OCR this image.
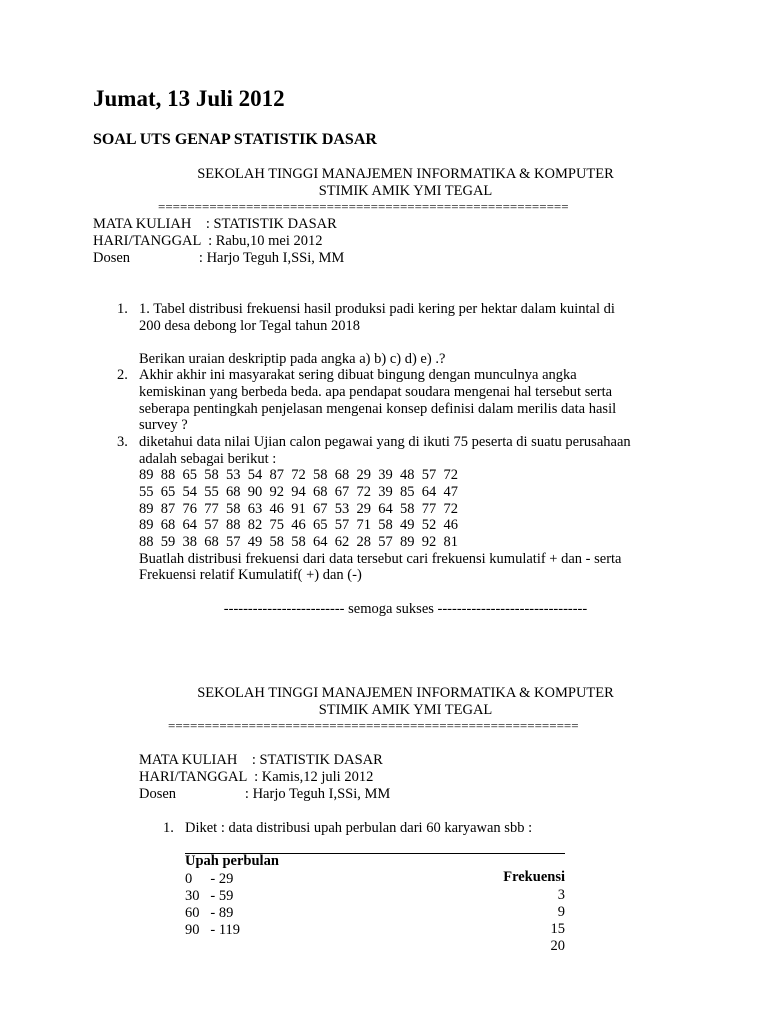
Jumat, 13 Juli 2012
SOAL UTS GENAP STATISTIK DASAR
SEKOLAH TINGGI MANAJEMEN INFORMATIKA & KOMPUTER
STIMIK AMIK YMI TEGAL
========================================================
MATA KULIAH    : STATISTIK DASAR
HARI/TANGGAL  : Rabu,10 mei 2012
Dosen                   : Harjo Teguh I,SSi, MM
1. 1. Tabel distribusi frekuensi hasil produksi padi kering per hektar dalam kuintal di
200 desa debong lor Tegal tahun 2018
Berikan uraian deskriptip pada angka a) b) c) d) e) .?
2. Akhir akhir ini masyarakat sering dibuat bingung dengan munculnya angka
kemiskinan yang berbeda beda. apa pendapat soudara mengenai hal tersebut serta
seberapa pentingkah penjelasan mengenai konsep definisi dalam merilis data hasil
survey ?
3. diketahui data nilai Ujian calon pegawai yang di ikuti 75 peserta di suatu perusahaan
adalah sebagai berikut :
89  88  65  58  53  54  87  72  58  68  29  39  48  57  72
55  65  54  55  68  90  92  94  68  67  72  39  85  64  47
89  87  76  77  58  63  46  91  67  53  29  64  58  77  72
89  68  64  57  88  82  75  46  65  57  71  58  49  52  46
88  59  38  68  57  49  58  58  64  62  28  57  89  92  81
Buatlah distribusi frekuensi dari data tersebut cari frekuensi kumulatif + dan - serta
Frekuensi relatif Kumulatif( +) dan (-)
------------------------- semoga sukses -------------------------------
SEKOLAH TINGGI MANAJEMEN INFORMATIKA & KOMPUTER
STIMIK AMIK YMI TEGAL
========================================================
MATA KULIAH    : STATISTIK DASAR
HARI/TANGGAL  : Kamis,12 juli 2012
Dosen                   : Harjo Teguh I,SSi, MM
1. Diket : data distribusi upah perbulan dari 60 karyawan sbb :

Upah perbulan

Frekuensi

0     - 29

3

30   - 59

9

60   - 89

15

90   - 119

20
